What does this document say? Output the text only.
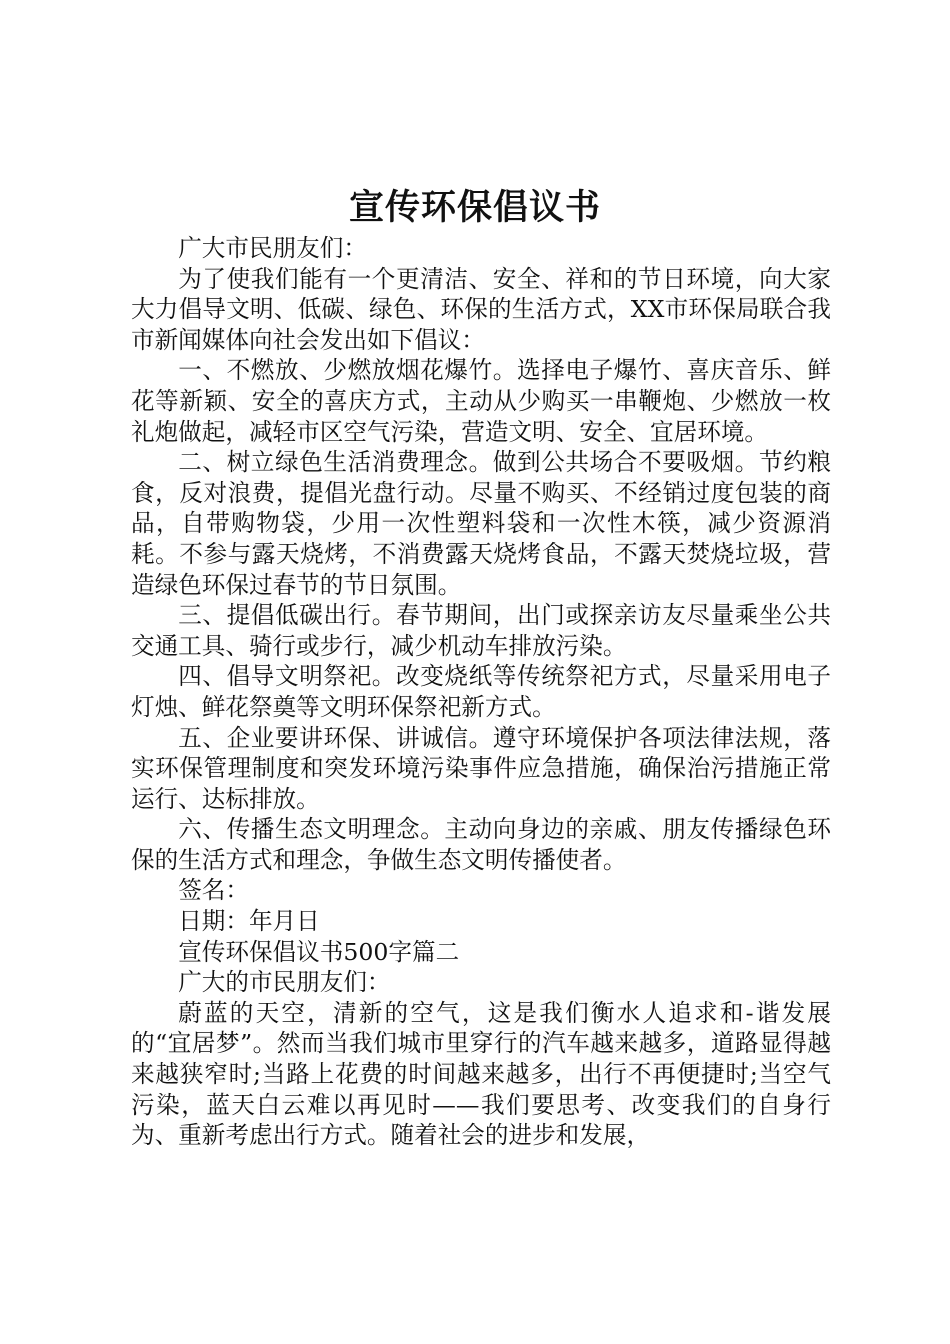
宣传环保倡议书

广大市民朋友们：

为了使我们能有一个更清洁、安全、祥和的节日环境，向大家大力倡导文明、低碳、绿色、环保的生活方式，XX市环保局联合我市新闻媒体向社会发出如下倡议：

一、不燃放、少燃放烟花爆竹。选择电子爆竹、喜庆音乐、鲜花等新颖、安全的喜庆方式，主动从少购买一串鞭炮、少燃放一枚礼炮做起，减轻市区空气污染，营造文明、安全、宜居环境。

二、树立绿色生活消费理念。做到公共场合不要吸烟。节约粮食，反对浪费，提倡光盘行动。尽量不购买、不经销过度包装的商品，自带购物袋，少用一次性塑料袋和一次性木筷，减少资源消耗。不参与露天烧烤，不消费露天烧烤食品，不露天焚烧垃圾，营造绿色环保过春节的节日氛围。

三、提倡低碳出行。春节期间，出门或探亲访友尽量乘坐公共交通工具、骑行或步行，减少机动车排放污染。

四、倡导文明祭祀。改变烧纸等传统祭祀方式，尽量采用电子灯烛、鲜花祭奠等文明环保祭祀新方式。

五、企业要讲环保、讲诚信。遵守环境保护各项法律法规，落实环保管理制度和突发环境污染事件应急措施，确保治污措施正常运行、达标排放。

六、传播生态文明理念。主动向身边的亲戚、朋友传播绿色环保的生活方式和理念，争做生态文明传播使者。

签名：

日期：年月日

宣传环保倡议书500字篇二

广大的市民朋友们：

蔚蓝的天空，清新的空气，这是我们衡水人追求和-谐发展的“宜居梦”。然而当我们城市里穿行的汽车越来越多，道路显得越来越狭窄时;当路上花费的时间越来越多，出行不再便捷时;当空气污染，蓝天白云难以再见时——我们要思考、改变我们的自身行为、重新考虑出行方式。随着社会的进步和发展，
